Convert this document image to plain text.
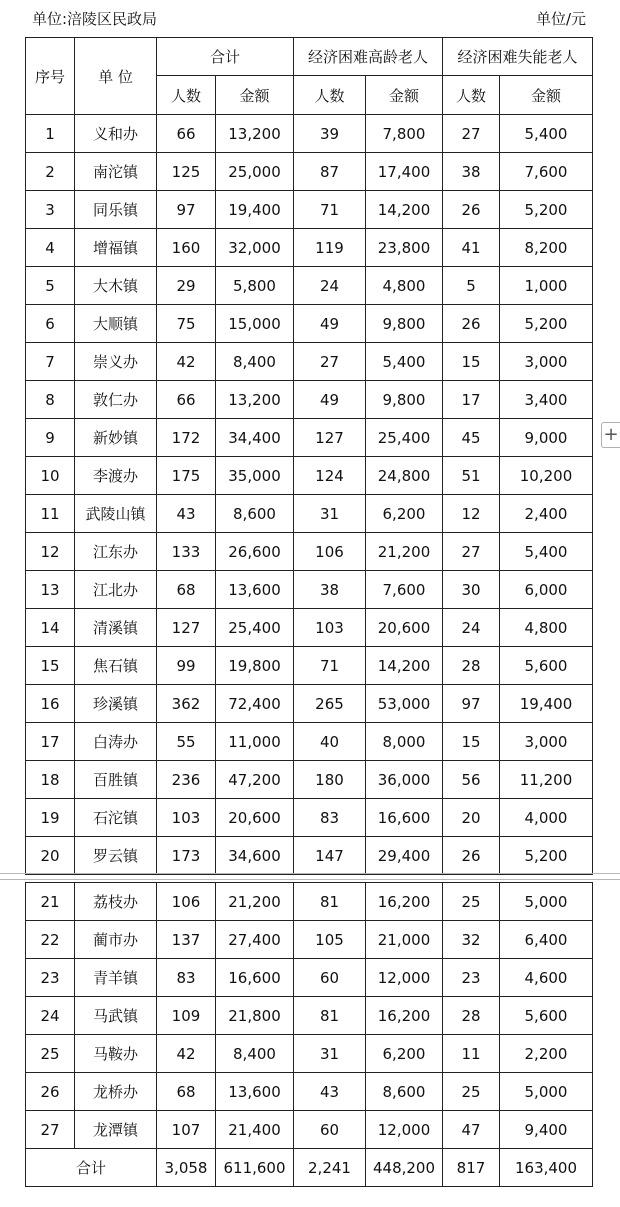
单位:涪陵区民政局	单位/元
序号	单 位	合计		经济困难高龄老人		经济困难失能老人	
		人数	金额	人数	金额	人数	金额
1	义和办	66	13,200	39	7,800	27	5,400
2	南沱镇	125	25,000	87	17,400	38	7,600
3	同乐镇	97	19,400	71	14,200	26	5,200
4	增福镇	160	32,000	119	23,800	41	8,200
5	大木镇	29	5,800	24	4,800	5	1,000
6	大顺镇	75	15,000	49	9,800	26	5,200
7	崇义办	42	8,400	27	5,400	15	3,000
8	敦仁办	66	13,200	49	9,800	17	3,400
9	新妙镇	172	34,400	127	25,400	45	9,000
10	李渡办	175	35,000	124	24,800	51	10,200
11	武陵山镇	43	8,600	31	6,200	12	2,400
12	江东办	133	26,600	106	21,200	27	5,400
13	江北办	68	13,600	38	7,600	30	6,000
14	清溪镇	127	25,400	103	20,600	24	4,800
15	焦石镇	99	19,800	71	14,200	28	5,600
16	珍溪镇	362	72,400	265	53,000	97	19,400
17	白涛办	55	11,000	40	8,000	15	3,000
18	百胜镇	236	47,200	180	36,000	56	11,200
19	石沱镇	103	20,600	83	16,600	20	4,000
20	罗云镇	173	34,600	147	29,400	26	5,200
+
21	荔枝办	106	21,200	81	16,200	25	5,000
22	蔺市办	137	27,400	105	21,000	32	6,400
23	青羊镇	83	16,600	60	12,000	23	4,600
24	马武镇	109	21,800	81	16,200	28	5,600
25	马鞍办	42	8,400	31	6,200	11	2,200
26	龙桥办	68	13,600	43	8,600	25	5,000
27	龙潭镇	107	21,400	60	12,000	47	9,400
合计		3,058	611,600	2,241	448,200	817	163,400
